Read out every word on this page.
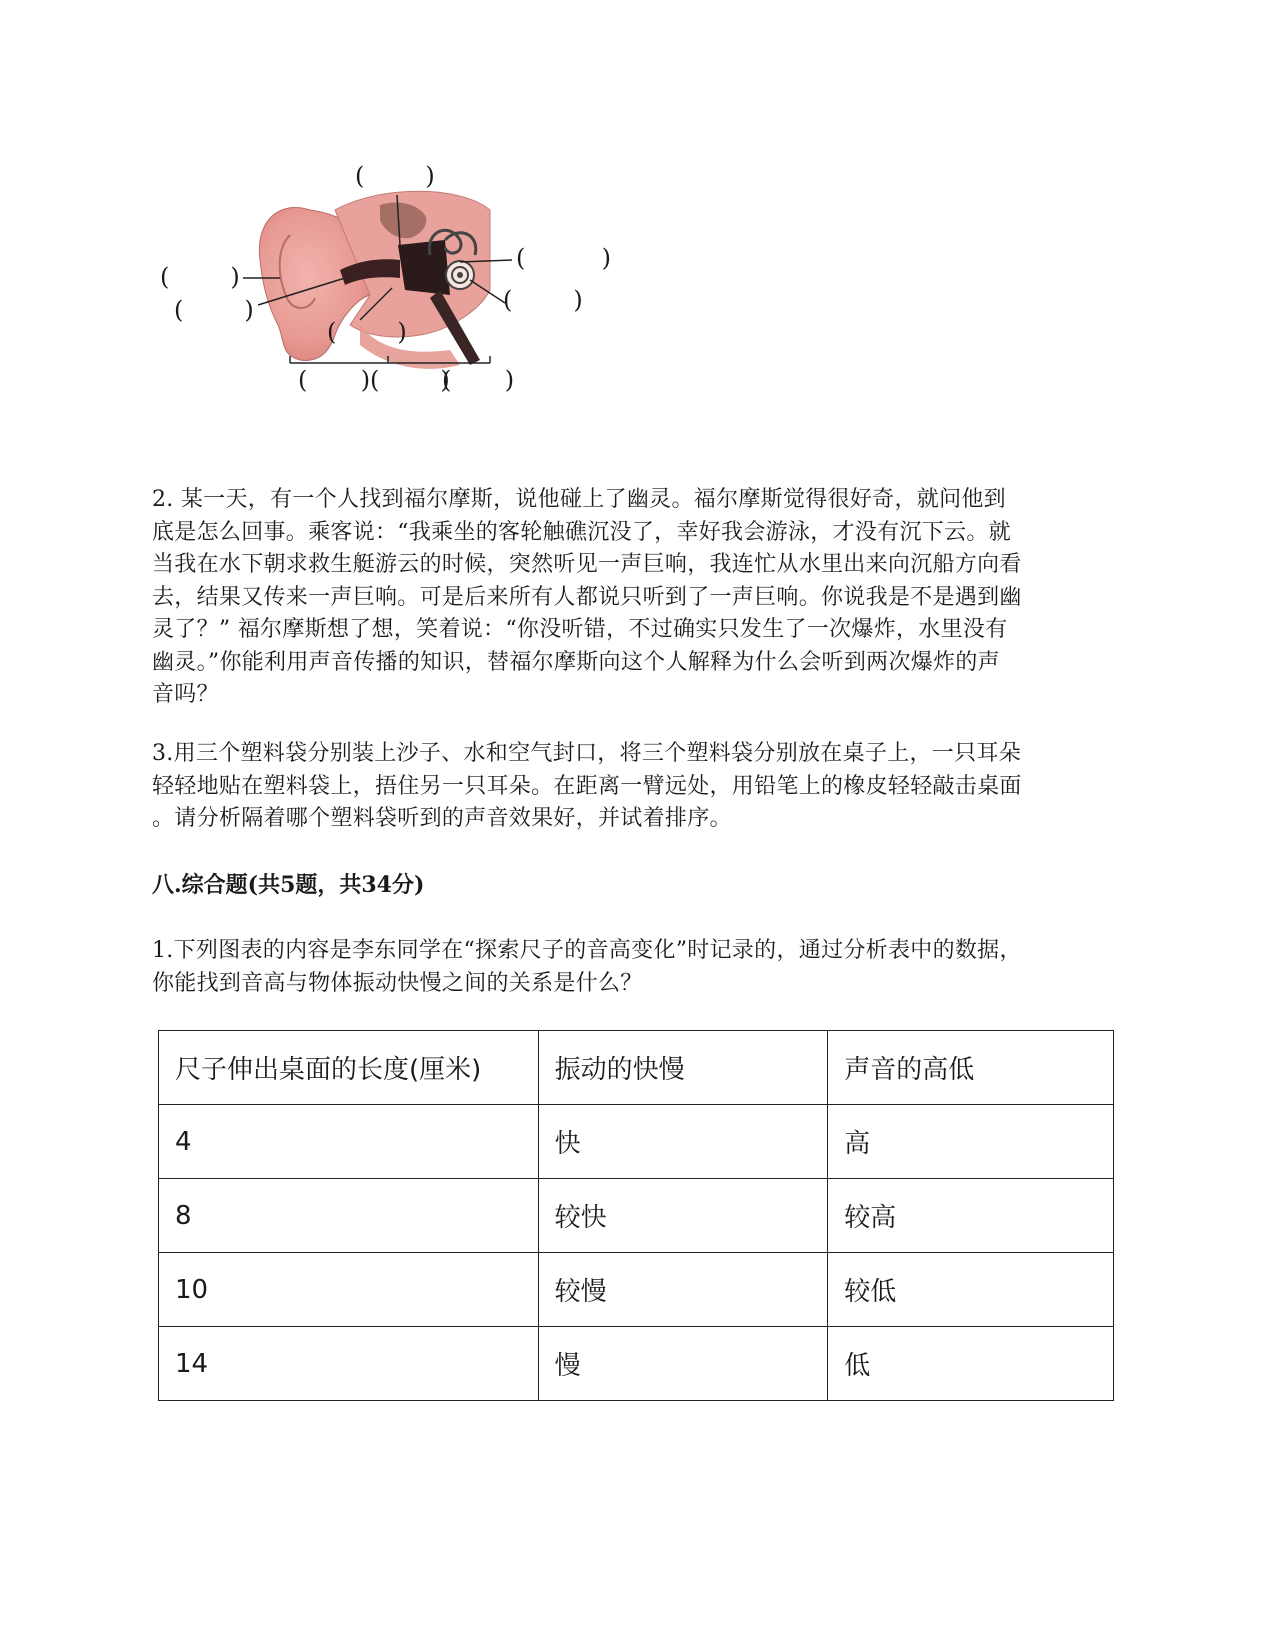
(        )
(          )
(        )
(        )
(        )
(        )
(       ) (        )
(       )
2. 某一天，有一个人找到福尔摩斯，说他碰上了幽灵。福尔摩斯觉得很好奇，就问他到
底是怎么回事。乘客说：“我乘坐的客轮触礁沉没了，幸好我会游泳，才没有沉下云。就
当我在水下朝求救生艇游云的时候，突然听见一声巨响，我连忙从水里出来向沉船方向看
去，结果又传来一声巨响。可是后来所有人都说只听到了一声巨响。你说我是不是遇到幽
灵了？” 福尔摩斯想了想，笑着说：“你没听错，不过确实只发生了一次爆炸，水里没有
幽灵。”你能利用声音传播的知识，替福尔摩斯向这个人解释为什么会听到两次爆炸的声
音吗？
3.用三个塑料袋分别装上沙子、水和空气封口，将三个塑料袋分别放在桌子上，一只耳朵
轻轻地贴在塑料袋上，捂住另一只耳朵。在距离一臂远处，用铅笔上的橡皮轻轻敲击桌面
。请分析隔着哪个塑料袋听到的声音效果好，并试着排序。
八.综合题(共5题，共34分)
1.下列图表的内容是李东同学在“探索尺子的音高变化”时记录的，通过分析表中的数据，
你能找到音高与物体振动快慢之间的关系是什么？
尺子伸出桌面的长度(厘米)	振动的快慢	声音的高低
4	快	高
8	较快	较高
10	较慢	较低
14	慢	低
